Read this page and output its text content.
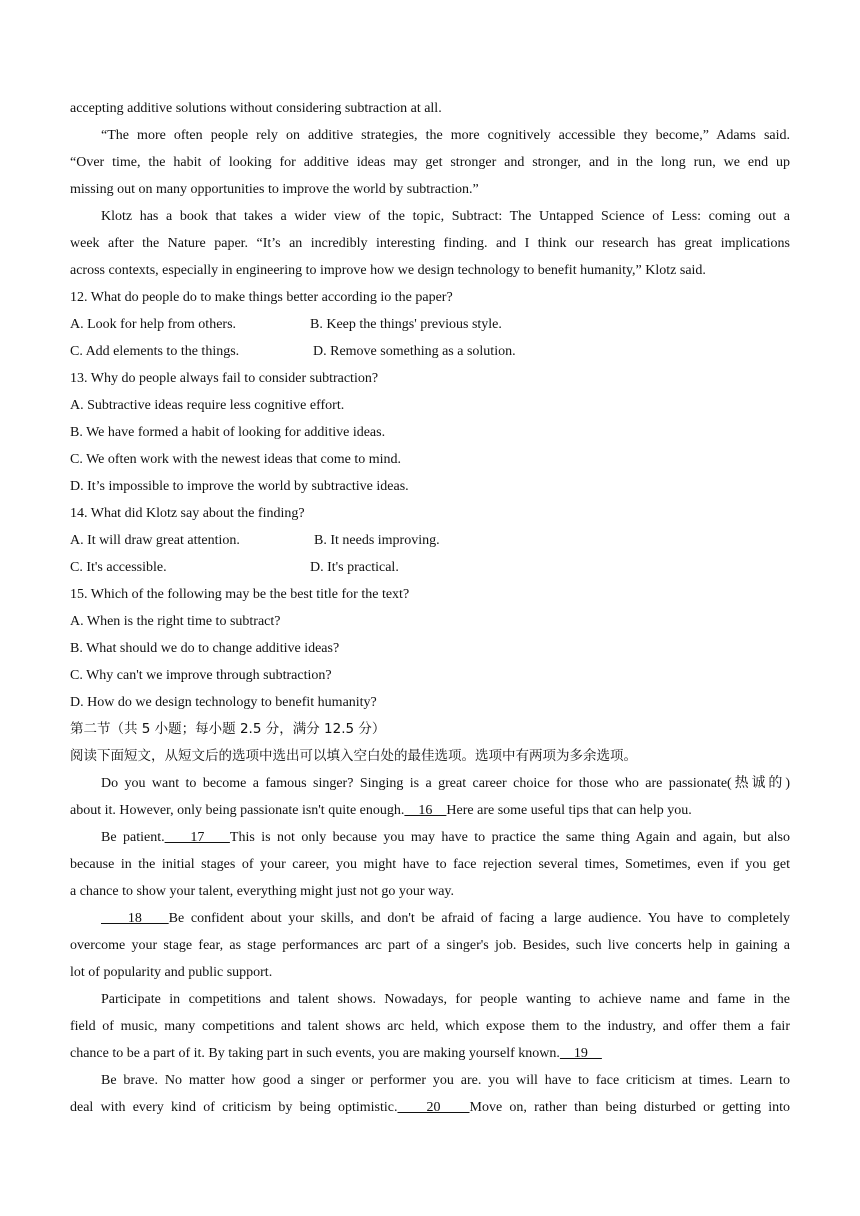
accepting additive solutions without considering subtraction at all.
“The more often people rely on additive strategies, the more cognitively accessible they become,” Adams said.
“Over time, the habit of looking for additive ideas may get stronger and stronger, and in the long run, we end up
missing out on many opportunities to improve the world by subtraction.”
Klotz has a book that takes a wider view of the topic, Subtract: The Untapped Science of Less: coming out a
week after the Nature paper. “It’s an incredibly interesting finding. and I think our research has great implications
across contexts, especially in engineering to improve how we design technology to benefit humanity,” Klotz said.
12. What do people do to make things better according io the paper?
A. Look for help from others.	B. Keep the things' previous style.
C. Add elements to the things.	D. Remove something as a solution.
13. Why do people always fail to consider subtraction?
A. Subtractive ideas require less cognitive effort.
B. We have formed a habit of looking for additive ideas.
C. We often work with the newest ideas that come to mind.
D. It’s impossible to improve the world by subtractive ideas.
14. What did Klotz say about the finding?
A. It will draw great attention.	B. It needs improving.
C. It's accessible.	D. It's practical.
15. Which of the following may be the best title for the text?
A. When is the right time to subtract?
B. What should we do to change additive ideas?
C. Why can't we improve through subtraction?
D. How do we design technology to benefit humanity?
第二节（共 5 小题；每小题 2.5 分，满分 12.5 分）
阅读下面短文，从短文后的选项中选出可以填入空白处的最佳选项。选项中有两项为多余选项。
Do you want to become a famous singer? Singing is a great career choice for those who are passionate(热诚的)
about it. However, only being passionate isn't quite enough.    16    Here are some useful tips that can help you.
Be patient.    17    This is not only because you may have to practice the same thing Again and again, but also
because in the initial stages of your career, you might have to face rejection several times, Sometimes, even if you get
a chance to show your talent, everything might just not go your way.
18    Be confident about your skills, and don't be afraid of facing a large audience. You have to completely
overcome your stage fear, as stage performances arc part of a singer's job. Besides, such live concerts help in gaining a
lot of popularity and public support.
Participate in competitions and talent shows. Nowadays, for people wanting to achieve name and fame in the
field of music, many competitions and talent shows arc held, which expose them to the industry, and offer them a fair
chance to be a part of it. By taking part in such events, you are making yourself known.    19
Be brave. No matter how good a singer or performer you are. you will have to face criticism at times. Learn to
deal with every kind of criticism by being optimistic.    20    Move on, rather than being disturbed or getting into
